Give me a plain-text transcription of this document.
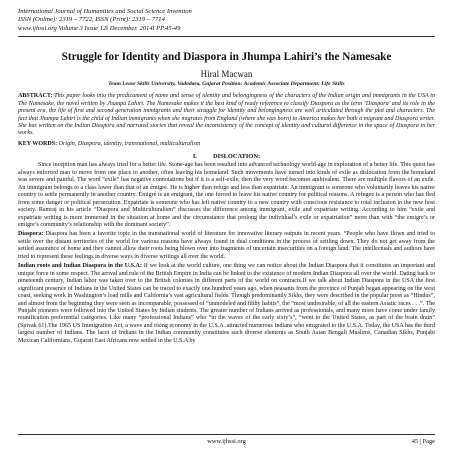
International Journal of Humanities and Social Science Invention
ISSN (Online): 2319 – 7722, ISSN (Print): 2319 – 7714
www.ijhssi.org Volume 3 Issue 12ǁ December. 2014ǁ PP.45-49
Struggle for Identity and Diaspora in Jhumpa Lahiri’s the Namesake
Hiral Macwan
Team Lease Skills University, Vadodara, Gujarat Position: Academic Associate Department: Life Skills
ABSTRACT: This paper looks into the predicament of name and sense of identity and belongingness of the characters of the Indian origin and immigrants in the USA in The Namesake, the novel written by Jhumpa Lahiri. The Namesake makes it the best kind of ready reference to classify Diaspora as the term ‘Diaspora’ and its role in the present era, the life of first and second generation immigrants and their struggle for identity and belongingness are well articulated through the plot and characters. The fact that Jhumpa Lahiri is the child of Indian immigrants when she migrates from England (where she was born) to America makes her both a migrant and Diaspora writer. She has written on the Indian Diaspora and narrated stories that reveal the inconsistency of the concept of identity and cultural difference in the space of Diaspora in her works.
KEY WORDS: Origin, Diaspora, identity, transnational, multiculturalism
I.          DISLOCATION:
Since inception man has always tried for a better life. Stone-age has been resulted into advanced technology world-age in exploration of a better life. This quest has always enforced man to move from one place to another, often leaving his homeland. Such movements have turned into kinds of exile as dislocation from the homeland was severe and painful. The word “exile” has negative connotations but if it is a self-exile, then the very word becomes ambivalent. There are multiple flavors of an exile. An immigrant belongs to a class lower than that of an émigré. He is higher than refuge and less than expatriate. An immigrant is someone who voluntarily leaves his native country to settle permanently in another country. Émigré is an emigrant, the one forced to leave his native country for political reasons. A refugee is a person who has fled from some danger or political persecution. Expatriate is someone who has left native country to a new country with conscious resistance to total inclusion in the new host society. Ramraj in his article “Diaspora and Multiculturalism” discusses the difference among immigrant, exile and expatriate writing. According to him “exile and expatriate writing is more immersed in the situation at home and the circumstance that prolong the individual’s exile or expatriation” more than with “the emigre’s or emigre’s community’s relationship with the dominant society”.
Diaspora: Diaspora has been a favorite topic in the transnational world of literature for innovative literary outputs in recent years. “People who have flown and tried to settle over the distant territories of the world for various reasons have always found in dual conditions in the process of settling down. They do not get away from the settled assurance of home and they cannot allow their roots being blown over into fragments of uncertain insecurities on a foreign land. The intellectuals and authors have tried to represent these feelings in diverse ways in diverse writings all over the world.
Indian roots and Indian Diaspora in the U.S.A: If we look at the world culture, one thing we can notice about the Indian Diaspora that it constitutes an important and unique force in some respect. The arrival and rule of the British Empire in India can be linked to the existence of modern Indian Diaspora all over the world. Dating back to nineteenth century, Indian labor was taken over to the British colonies in different parts of the world on contracts.If we talk about Indian Diaspora in the USA the first significant presence of Indians in the United States can be traced to exactly one hundred years ago, when peasants from the province of Punjab began appearing on the west coast, seeking work in Washington’s load mills and California’s vast agricultural fields. Though predominantly Sikhs, they were described in the popular press as “Hindus”, and almost from the beginning they were seen as incomparable, possessed of “unmodeled and filthy habits”, the “most undesirable, of all the eastern Asiatic races . . .”. The Punjabi pioneers were followed into the United States by Indian students. The greater number of Indians arrived as professionals, and many more have come under family reunification preferential categories. Like many “professional Indians” who “in the waves of the early sixty’s”, “went to the United States, as part of the brain drain” (Spivak 61).The 1965 US Immigration Act, a wave and rising economy in the U.S.A. attracted numerous Indians who emigrated to the U.S.A. Today, the USA has the third largest number of Indians. The facet of Indians in the Indian community constitutes such diverse elements as South Asian Bengali Muslims, Canadian Sikhs, Punjabi Mexican Californians, Gujarati East Africans now settled in the U.S.A by
www.ijhssi.org	45 | Page
